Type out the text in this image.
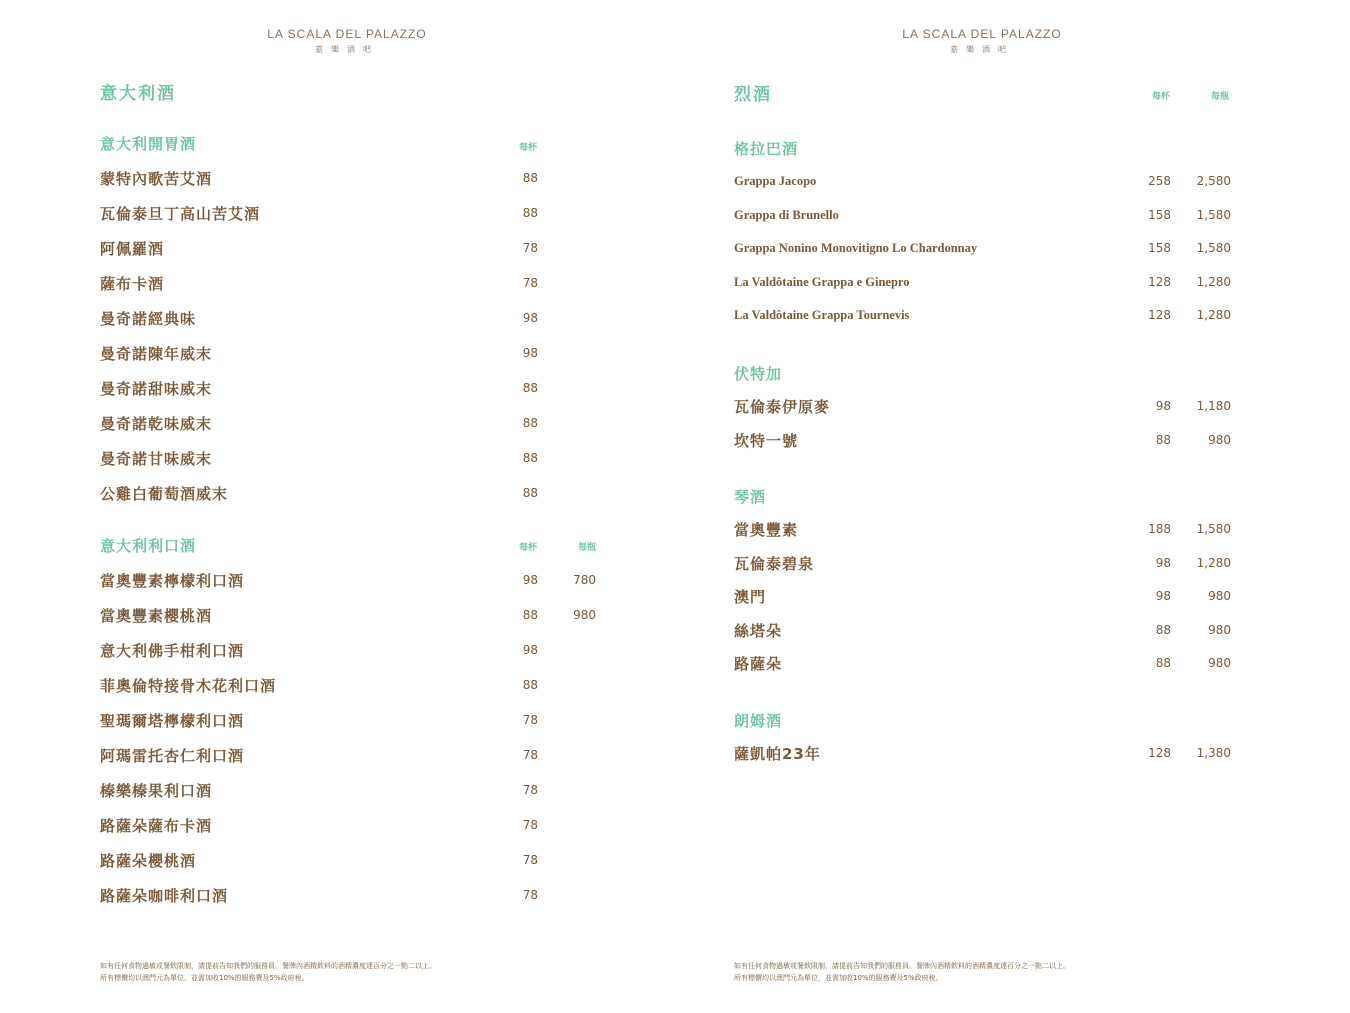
LA SCALA DEL PALAZZO
嘉樂酒吧
意大利酒
意大利開胃酒	每杯
蒙特內歌苦艾酒	88
瓦倫泰旦丁高山苦艾酒	88
阿佩羅酒	78
薩布卡酒	78
曼奇諾經典味	98
曼奇諾陳年威末	98
曼奇諾甜味威末	88
曼奇諾乾味威末	88
曼奇諾甘味威末	88
公雞白葡萄酒威末	88
意大利利口酒	每杯	每瓶
當奧豐素檸檬利口酒	98	780
當奧豐素櫻桃酒	88	980
意大利佛手柑利口酒	98
菲奧倫特接骨木花利口酒	88
聖瑪爾塔檸檬利口酒	78
阿瑪雷托杏仁利口酒	78
榛樂榛果利口酒	78
路薩朵薩布卡酒	78
路薩朵櫻桃酒	78
路薩朵咖啡利口酒	78
如有任何食物過敏或餐飲限制，請提前告知我們的服務員。餐牌內酒精飲料的酒精濃度達百分之一點二以上。
所有標價均以澳門元為單位，並需加收10%的服務費及5%政府稅。
LA SCALA DEL PALAZZO
嘉樂酒吧
烈酒	每杯	每瓶
格拉巴酒
Grappa Jacopo	258	2,580
Grappa di Brunello	158	1,580
Grappa Nonino Monovitigno Lo Chardonnay	158	1,580
La Valdôtaine Grappa e Ginepro	128	1,280
La Valdôtaine Grappa Tournevis	128	1,280
伏特加
瓦倫泰伊原麥	98	1,180
坎特一號	88	980
琴酒
當奧豐素	188	1,580
瓦倫泰碧泉	98	1,280
澳門	98	980
絲塔朵	88	980
路薩朵	88	980
朗姆酒
薩凱帕23年	128	1,380
如有任何食物過敏或餐飲限制，請提前告知我們的服務員。餐牌內酒精飲料的酒精濃度達百分之一點二以上。
所有標價均以澳門元為單位，並需加收10%的服務費及5%政府稅。
